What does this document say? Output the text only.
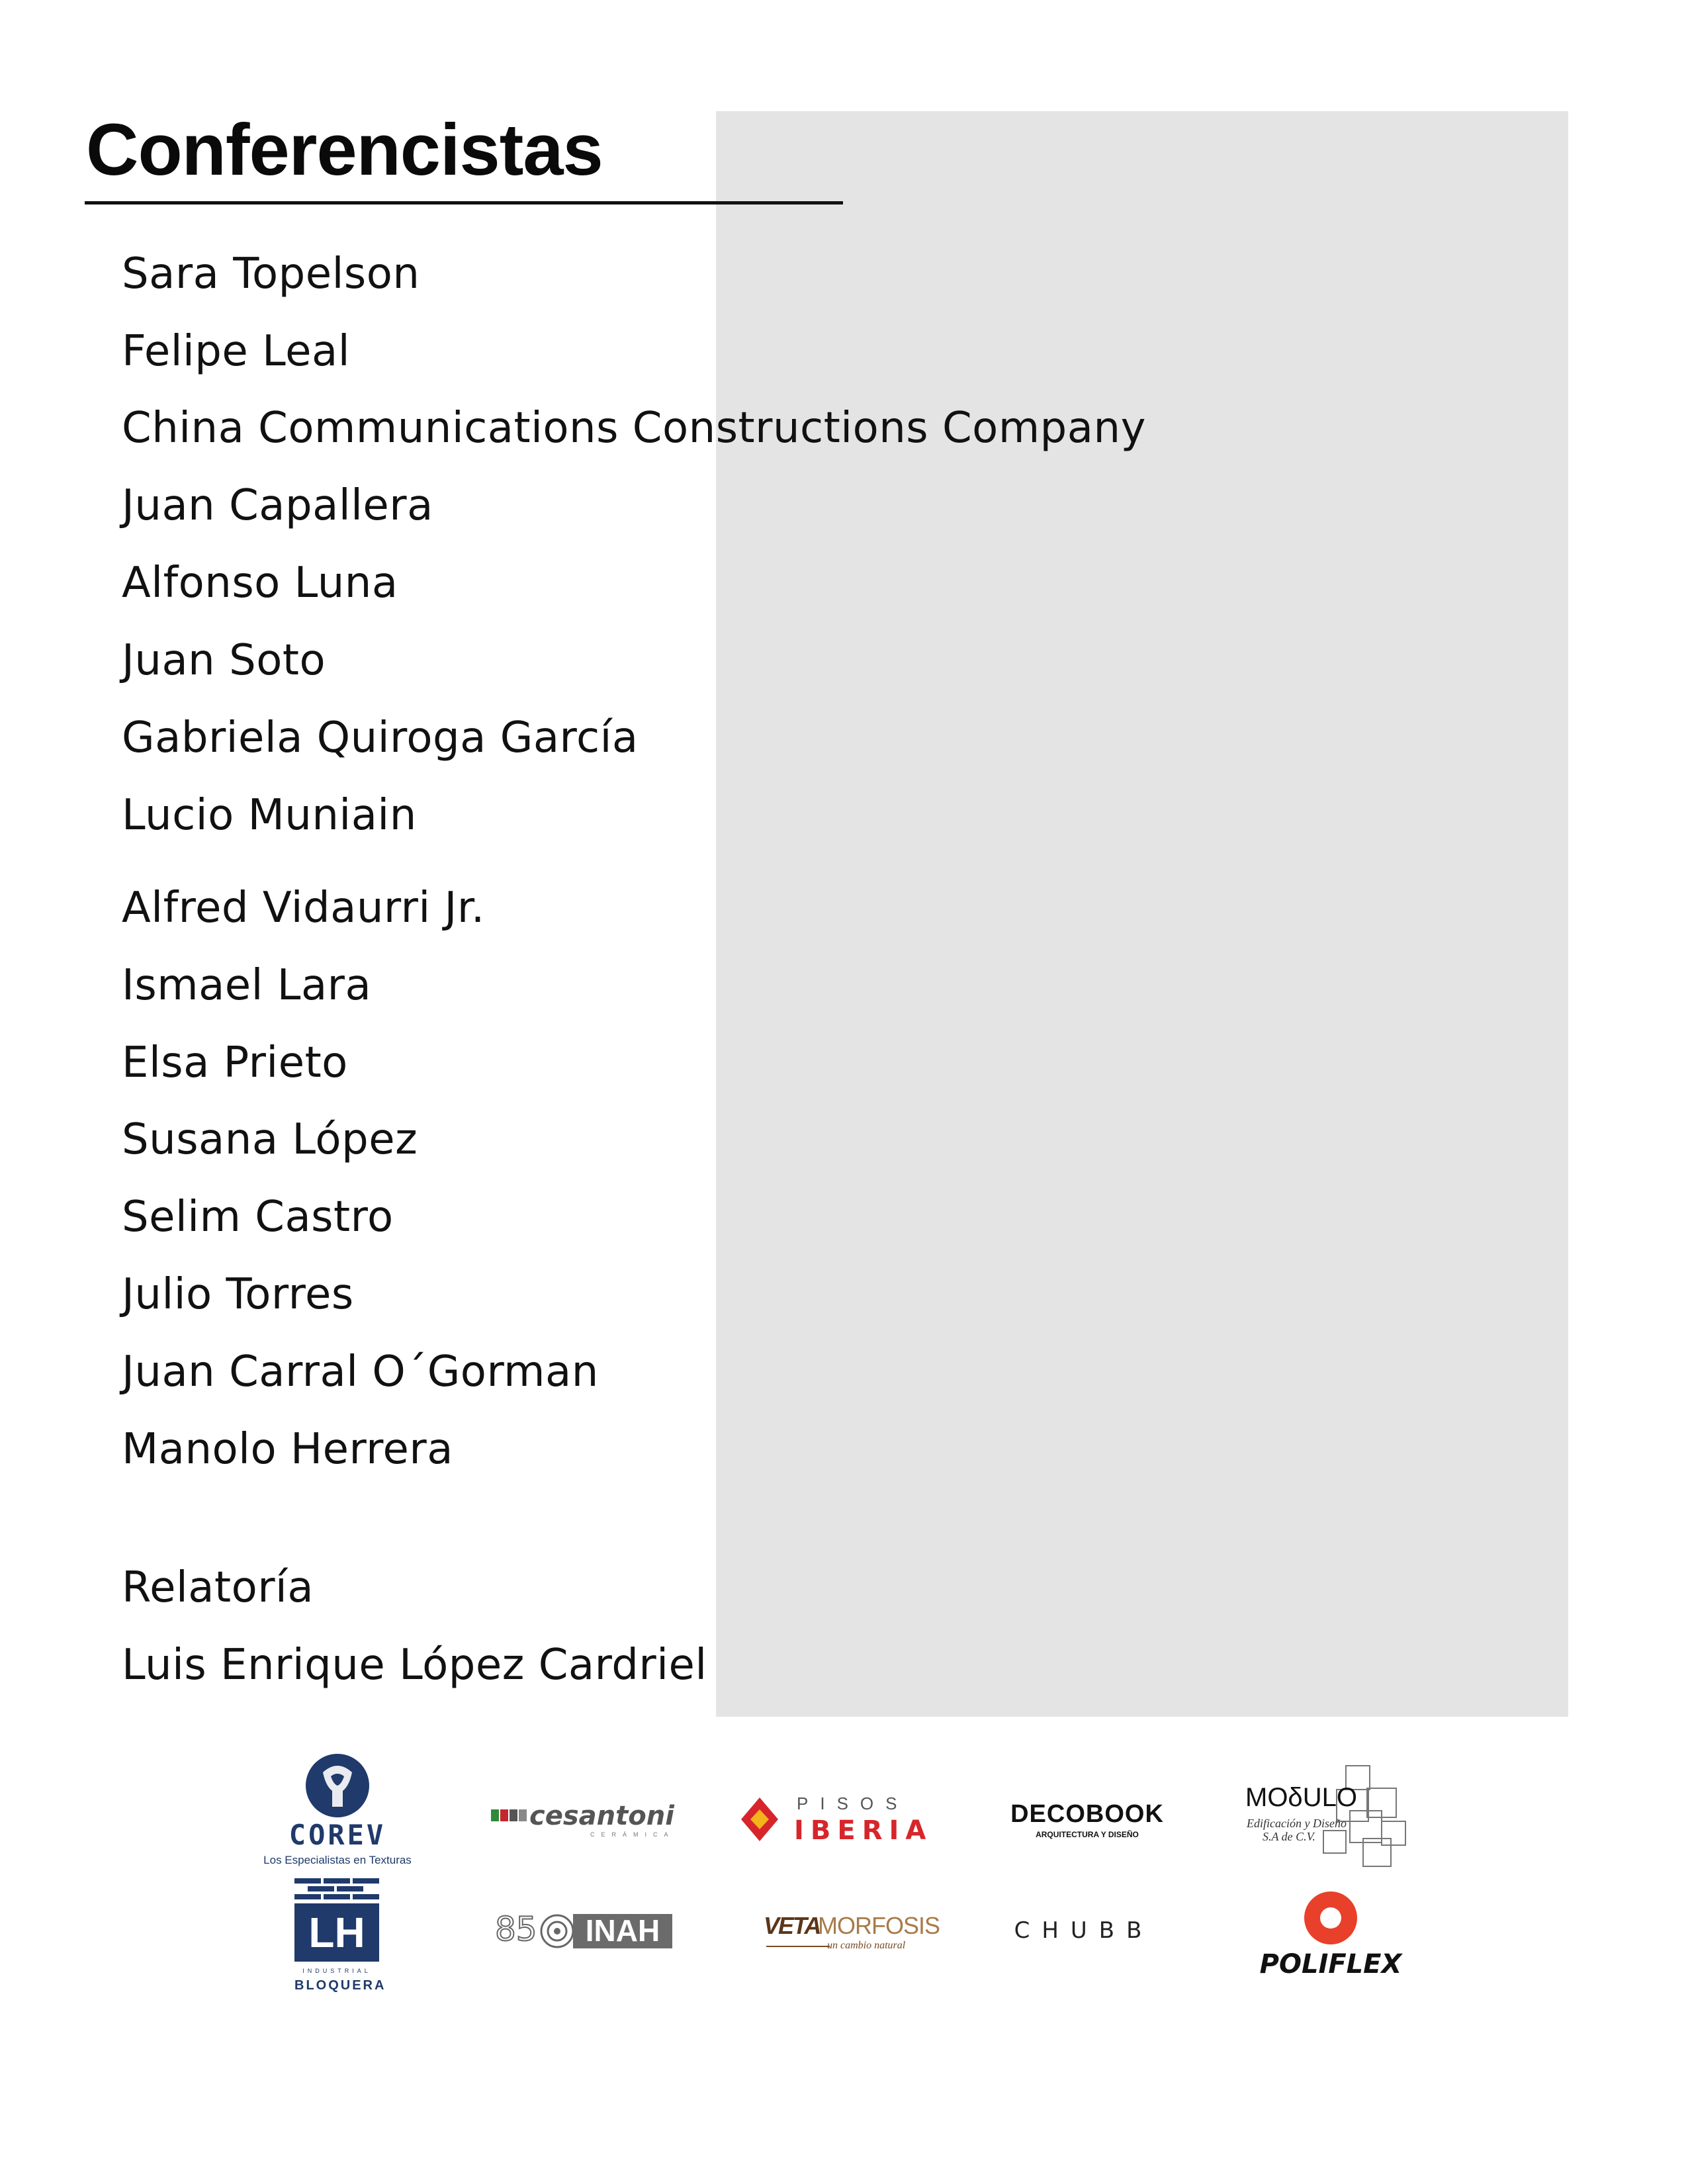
Conferencistas
Sara Topelson
Felipe Leal
China Communications Constructions Company
Juan Capallera
Alfonso Luna
Juan Soto
Gabriela Quiroga García
Lucio Muniain
Alfred Vidaurri Jr.
Ismael Lara
Elsa Prieto
Susana López
Selim Castro
Julio Torres
Juan Carral O´Gorman
Manolo Herrera
Relatoría
Luis Enrique López Cardriel
COREV
Los Especialistas en Texturas
cesantoni
CERÁMICA
PISOS
IBERIA
DECOBOOK
ARQUITECTURA Y DISEÑO
MOδULO
Edificación y Diseño
S.A de C.V.
LH
INDUSTRIAL
BLOQUERA
85	INAH	VETA
MORFOSIS
un cambio natural
CHUBB
POLIFLEX
